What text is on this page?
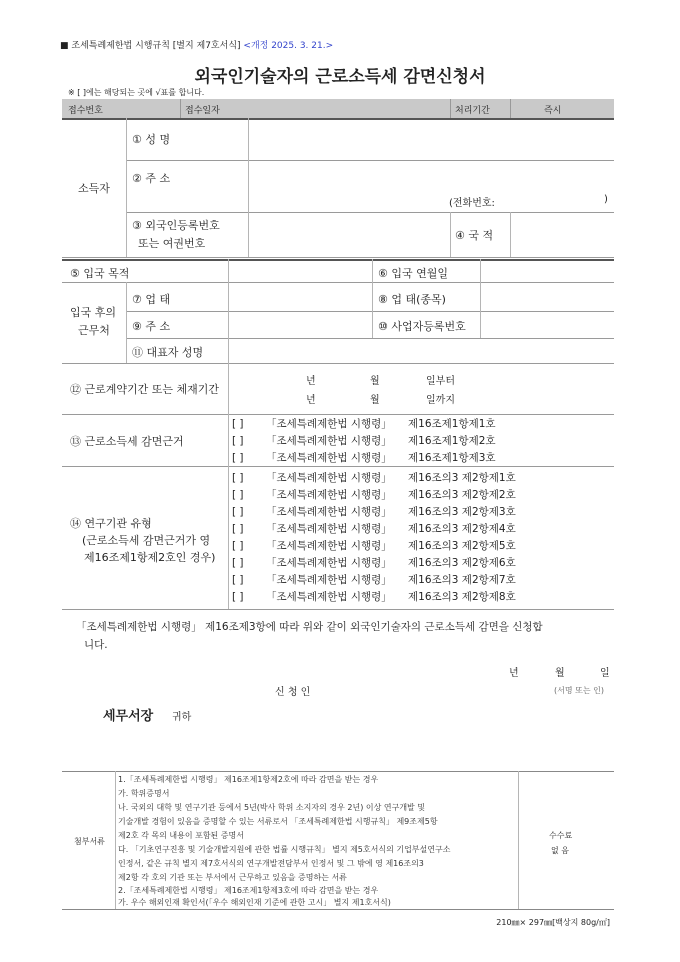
■ 조세특례제한법 시행규칙 [별지 제7호서식] <개정 2025. 3. 21.>
외국인기술자의 근로소득세 감면신청서
※ [ ]에는 해당되는 곳에 √표를 합니다.
접수번호	접수일자	처리기간	즉시
소득자
① 성 명
② 주 소
(전화번호:	)
③ 외국인등록번호
또는 여권번호
④ 국 적
⑤ 입국 목적	⑥ 입국 연월일
입국 후의
근무처
⑦ 업 태	⑧ 업 태(종목)
⑨ 주 소	⑩ 사업자등록번호
⑪ 대표자 성명
⑫ 근로계약기간 또는 체재기간
년	월	일부터
년	월	일까지
⑬ 근로소득세 감면근거
[ ] 「조세특례제한법 시행령」 제16조제1항제1호
[ ] 「조세특례제한법 시행령」 제16조제1항제2호
[ ] 「조세특례제한법 시행령」 제16조제1항제3호
⑭ 연구기관 유형
(근로소득세 감면근거가 영
제16조제1항제2호인 경우)
[ ] 「조세특례제한법 시행령」 제16조의3 제2항제1호
[ ] 「조세특례제한법 시행령」 제16조의3 제2항제2호
[ ] 「조세특례제한법 시행령」 제16조의3 제2항제3호
[ ] 「조세특례제한법 시행령」 제16조의3 제2항제4호
[ ] 「조세특례제한법 시행령」 제16조의3 제2항제5호
[ ] 「조세특례제한법 시행령」 제16조의3 제2항제6호
[ ] 「조세특례제한법 시행령」 제16조의3 제2항제7호
[ ] 「조세특례제한법 시행령」 제16조의3 제2항제8호
「조세특례제한법 시행령」 제16조제3항에 따라 위와 같이 외국인기술자의 근로소득세 감면을 신청합
니다.
년	월	일
신 청 인	(서명 또는 인)
세무서장 귀하
첨부서류
수수료
없 음
1.「조세특례제한법 시행령」 제16조제1항제2호에 따라 감면을 받는 경우
가. 학위증명서
나. 국외의 대학 및 연구기관 등에서 5년(박사 학위 소지자의 경우 2년) 이상 연구개발 및
기술개발 경험이 있음을 증명할 수 있는 서류로서 「조세특례제한법 시행규칙」 제9조제5항
제2호 각 목의 내용이 포함된 증명서
다. 「기초연구진흥 및 기술개발지원에 관한 법률 시행규칙」 별지 제5호서식의 기업부설연구소
인정서, 같은 규칙 별지 제7호서식의 연구개발전담부서 인정서 및 그 밖에 영 제16조의3
제2항 각 호의 기관 또는 부서에서 근무하고 있음을 증명하는 서류
2.「조세특례제한법 시행령」 제16조제1항제3호에 따라 감면을 받는 경우
가. 우수 해외인재 확인서(「우수 해외인재 기준에 관한 고시」 별지 제1호서식)
210㎜× 297㎜[백상지 80g/㎡]
